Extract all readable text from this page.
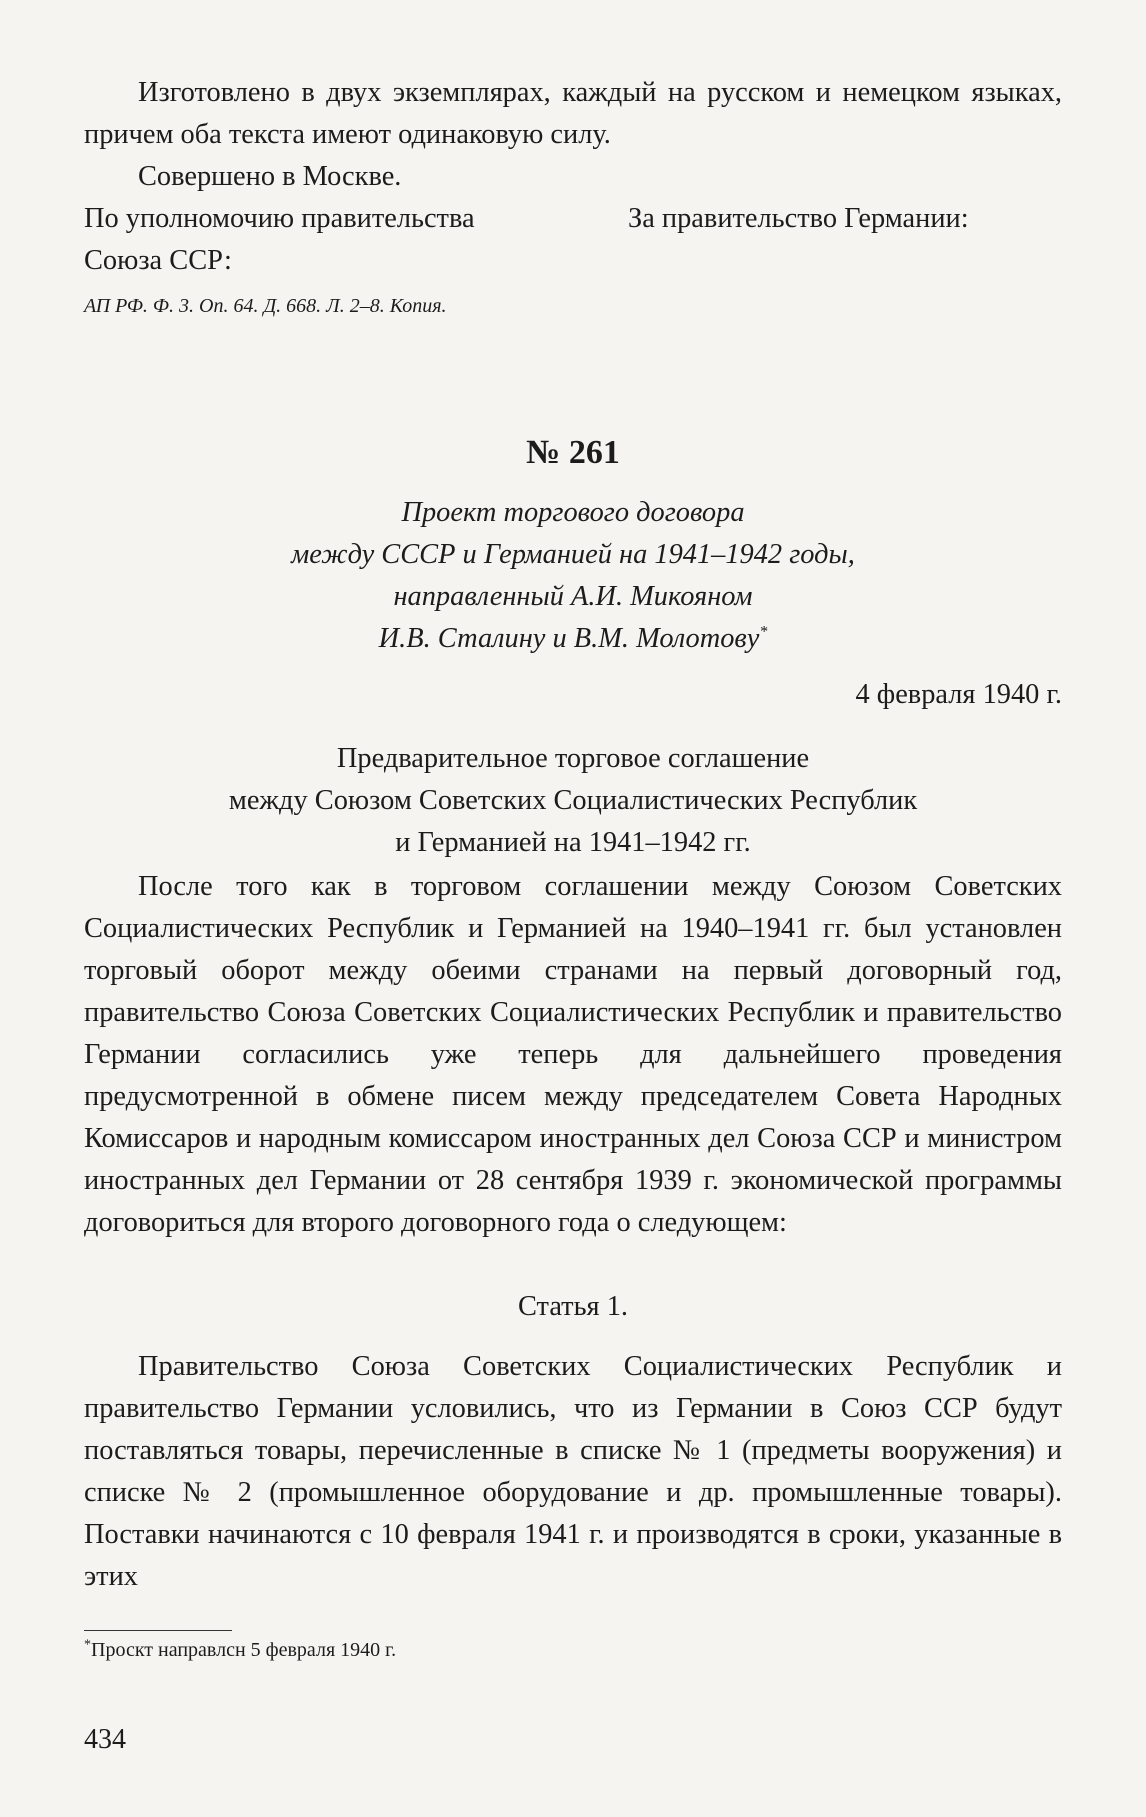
Изготовлено в двух экземплярах, каждый на русском и немецком языках, причем оба текста имеют одинаковую силу.
Совершено в Москве.
По уполномочию правительства
Союза ССР:
За правительство Германии:
АП РФ. Ф. 3. Оп. 64. Д. 668. Л. 2–8. Копия.
№ 261
Проект торгового договора
между СССР и Германией на 1941–1942 годы,
направленный А.И. Микояном
И.В. Сталину и В.М. Молотову*
4 февраля 1940 г.
Предварительное торговое соглашение
между Союзом Советских Социалистических Республик
и Германией на 1941–1942 гг.
После того как в торговом соглашении между Союзом Советских Социалистических Республик и Германией на 1940–1941 гг. был установлен торговый оборот между обеими странами на первый договорный год, правительство Союза Советских Социалистических Республик и правительство Германии согласились уже теперь для дальнейшего проведения предусмотренной в обмене писем между председателем Совета Народных Комиссаров и народным комиссаром иностранных дел Союза ССР и министром иностранных дел Германии от 28 сентября 1939 г. экономической программы договориться для второго договорного года о следующем:
Статья 1.
Правительство Союза Советских Социалистических Республик и правительство Германии условились, что из Германии в Союз ССР будут поставляться товары, перечисленные в списке № 1 (предметы вооружения) и списке № 2 (промышленное оборудование и др. промышленные товары). Поставки начинаются с 10 февраля 1941 г. и производятся в сроки, указанные в этих
*Проскт направлсн 5 февраля 1940 г.
434
